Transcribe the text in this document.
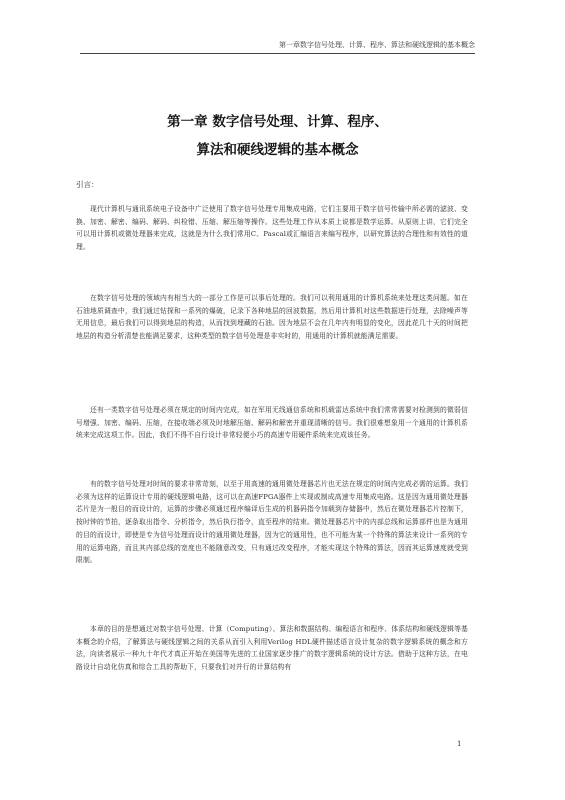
第一章数字信号处理、计算、程序、算法和硬线逻辑的基本概念
第一章 数字信号处理、计算、程序、
算法和硬线逻辑的基本概念
引言：

现代计算机与通讯系统电子设备中广泛使用了数字信号处理专用集成电路，它们主要用于数字信号传输中所必需的滤波、变换、加密、解密、编码、解码、纠检错、压缩、解压缩等操作。这些处理工作从本质上说都是数学运算。从原则上讲，它们完全可以用计算机或微处理器来完成，这就是为什么我们常用C、Pascal或汇编语言来编写程序，以研究算法的合理性和有效性的道理。

在数字信号处理的领域内有相当大的一部分工作是可以事后处理的。我们可以利用通用的计算机系统来处理这类问题。如在石油地质调查中，我们通过钻探和一系列的爆破，记录下各种地层的回波数据，然后用计算机对这些数据进行处理，去除噪声等无用信息，最后我们可以得到地层的构造，从而找到埋藏的石油。因为地层不会在几年内有明显的变化，因此花几十天的时间把地层的构造分析清楚也能满足要求，这种类型的数字信号处理是非实时的，用通用的计算机就能满足需要。

还有一类数字信号处理必须在规定的时间内完成，如在军用无线通信系统和机载雷达系统中我们常常需要对检测到的微弱信号增强、加密、编码、压缩，在接收端必须及时地解压缩、解码和解密并重现清晰的信号。我们很难想象用一个通用的计算机系统来完成这项工作。因此，我们不得不自行设计非常轻便小巧的高速专用硬件系统来完成该任务。

有的数字信号处理对时间的要求非常苛刻，以至于用高速的通用微处理器芯片也无法在规定的时间内完成必需的运算。我们必须为这样的运算设计专用的硬线逻辑电路，这可以在高速FPGA器件上实现或制成高速专用集成电路。这是因为通用微处理器芯片是为一般目的而设计的，运算的步骤必须通过程序编译后生成的机器码指令加载到存储器中，然后在微处理器芯片控制下，按时钟的节拍，逐条取出指令、分析指令，然后执行指令，直至程序的结束。微处理器芯片中的内部总线和运算部件也是为通用的目的而设计，即使是专为信号处理而设计的通用微处理器，因为它的通用性，也不可能为某一个特殊的算法来设计一系列的专用的运算电路，而且其内部总线的宽度也不能随意改变，只有通过改变程序，才能实现这个特殊的算法，因而其运算速度就受到限制。

本章的目的是想通过对数字信号处理、计算（Computing）、算法和数据结构、编程语言和程序、体系结构和硬线逻辑等基本概念的介绍，了解算法与硬线逻辑之间的关系从而引入利用Verilog HDL硬件描述语言设计复杂的数字逻辑系统的概念和方法，向读者展示一种九十年代才真正开始在美国等先进的工业国家逐步推广的数字逻辑系统的设计方法。借助于这种方法，在电路设计自动化仿真和综合工具的帮助下，只要我们对并行的计算结构有

1
